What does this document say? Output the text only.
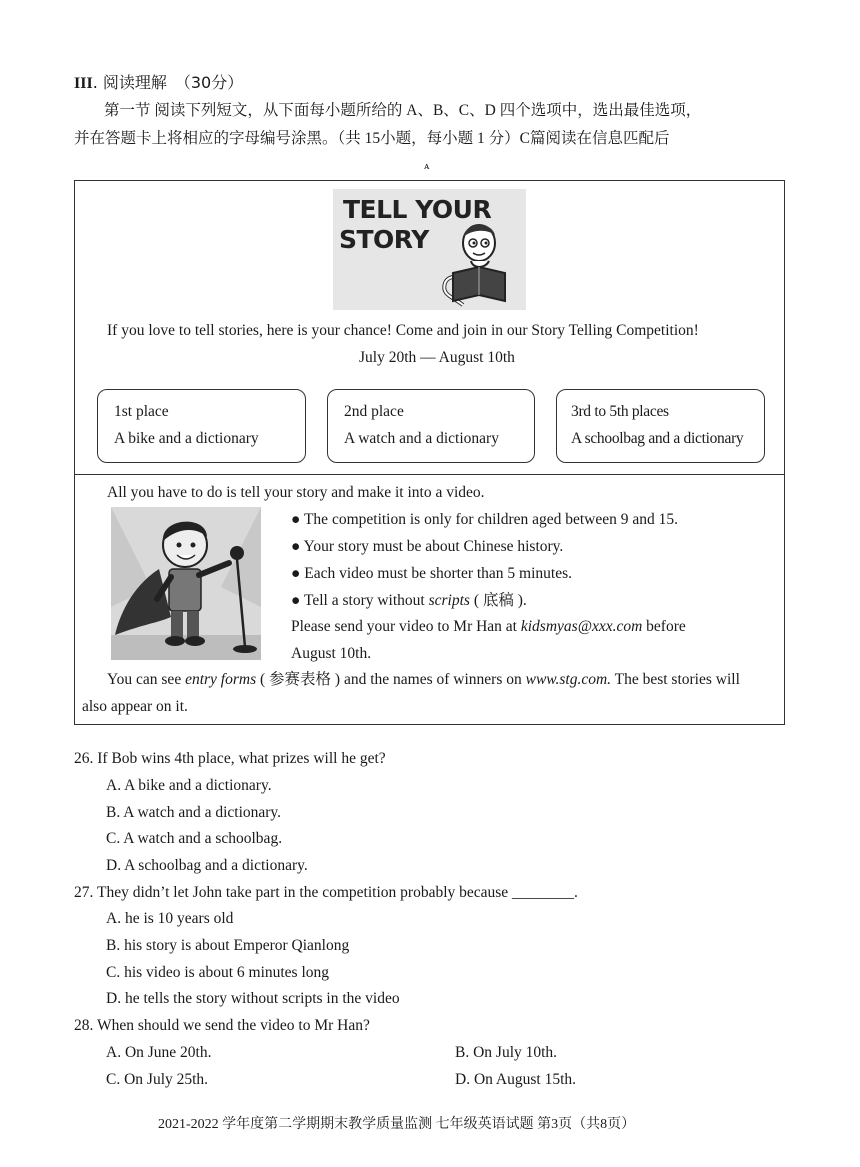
III. 阅读理解 （30分）
第一节 阅读下列短文，从下面每小题所给的 A、B、C、D 四个选项中，选出最佳选项，
并在答题卡上将相应的字母编号涂黑。（共 15小题，每小题 1 分）C篇阅读在信息匹配后
ᴀ
TELL YOUR
STORY
If you love to tell stories, here is your chance! Come and join in our Story Telling Competition!
July 20th — August 10th
1st place
A bike and a dictionary
2nd place
A watch and a dictionary
3rd to 5th places
A schoolbag and a dictionary
All you have to do is tell your story and make it into a video.
● The competition is only for children aged between 9 and 15.
● Your story must be about Chinese history.
● Each video must be shorter than 5 minutes.
● Tell a story without scripts ( 底稿 ).
Please send your video to Mr Han at kidsmyas@xxx.com before
August 10th.
You can see entry forms ( 参赛表格 ) and the names of winners on www.stg.com. The best stories will
also appear on it.
26. If Bob wins 4th place, what prizes will he get?
A. A bike and a dictionary.
B. A watch and a dictionary.
C. A watch and a schoolbag.
D. A schoolbag and a dictionary.
27. They didn’t let John take part in the competition probably because ________.
A. he is 10 years old
B. his story is about Emperor Qianlong
C. his video is about 6 minutes long
D. he tells the story without scripts in the video
28. When should we send the video to Mr Han?
A. On June 20th.	B. On July 10th.
C. On July 25th.	D. On August 15th.
2021-2022 学年度第二学期期末教学质量监测 七年级英语试题 第3页（共8页）
